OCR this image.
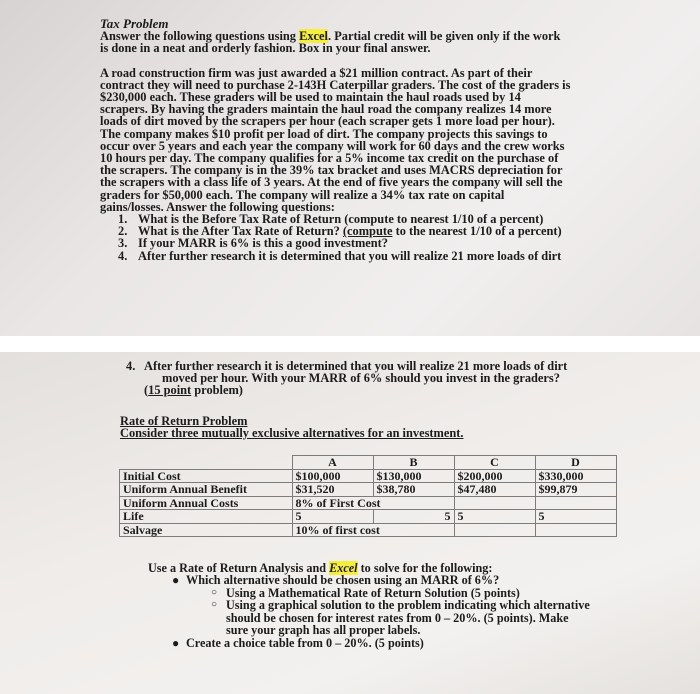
Tax Problem
Answer the following questions using Excel. Partial credit will be given only if the work
is done in a neat and orderly fashion. Box in your final answer.
A road construction firm was just awarded a $21 million contract. As part of their
contract they will need to purchase 2-143H Caterpillar graders. The cost of the graders is
$230,000 each. These graders will be used to maintain the haul roads used by 14
scrapers. By having the graders maintain the haul road the company realizes 14 more
loads of dirt moved by the scrapers per hour (each scraper gets 1 more load per hour).
The company makes $10 profit per load of dirt. The company projects this savings to
occur over 5 years and each year the company will work for 60 days and the crew works
10 hours per day. The company qualifies for a 5% income tax credit on the purchase of
the scrapers. The company is in the 39% tax bracket and uses MACRS depreciation for
the scrapers with a class life of 3 years. At the end of five years the company will sell the
graders for $50,000 each. The company will realize a 34% tax rate on capital
gains/losses. Answer the following questions:
1. What is the Before Tax Rate of Return (compute to nearest 1/10 of a percent)
2. What is the After Tax Rate of Return? (compute to the nearest 1/10 of a percent)
3. If your MARR is 6% is this a good investment?
4. After further research it is determined that you will realize 21 more loads of dirt
4. After further research it is determined that you will realize 21 more loads of dirt
moved per hour. With your MARR of 6% should you invest in the graders?
(15 point problem)
Rate of Return Problem
Consider three mutually exclusive alternatives for an investment.
	A	B	C	D
Initial Cost	$100,000	$130,000	$200,000	$330,000
Uniform Annual Benefit	$31,520	$38,780	$47,480	$99,879
Uniform Annual Costs	8% of First Cost			
Life	5	5	5	5
Salvage	10% of first cost			
Use a Rate of Return Analysis and Excel to solve for the following:
● Which alternative should be chosen using an MARR of 6%?
○ Using a Mathematical Rate of Return Solution (5 points)
○ Using a graphical solution to the problem indicating which alternative
should be chosen for interest rates from 0 – 20%. (5 points). Make
sure your graph has all proper labels.
● Create a choice table from 0 – 20%. (5 points)
